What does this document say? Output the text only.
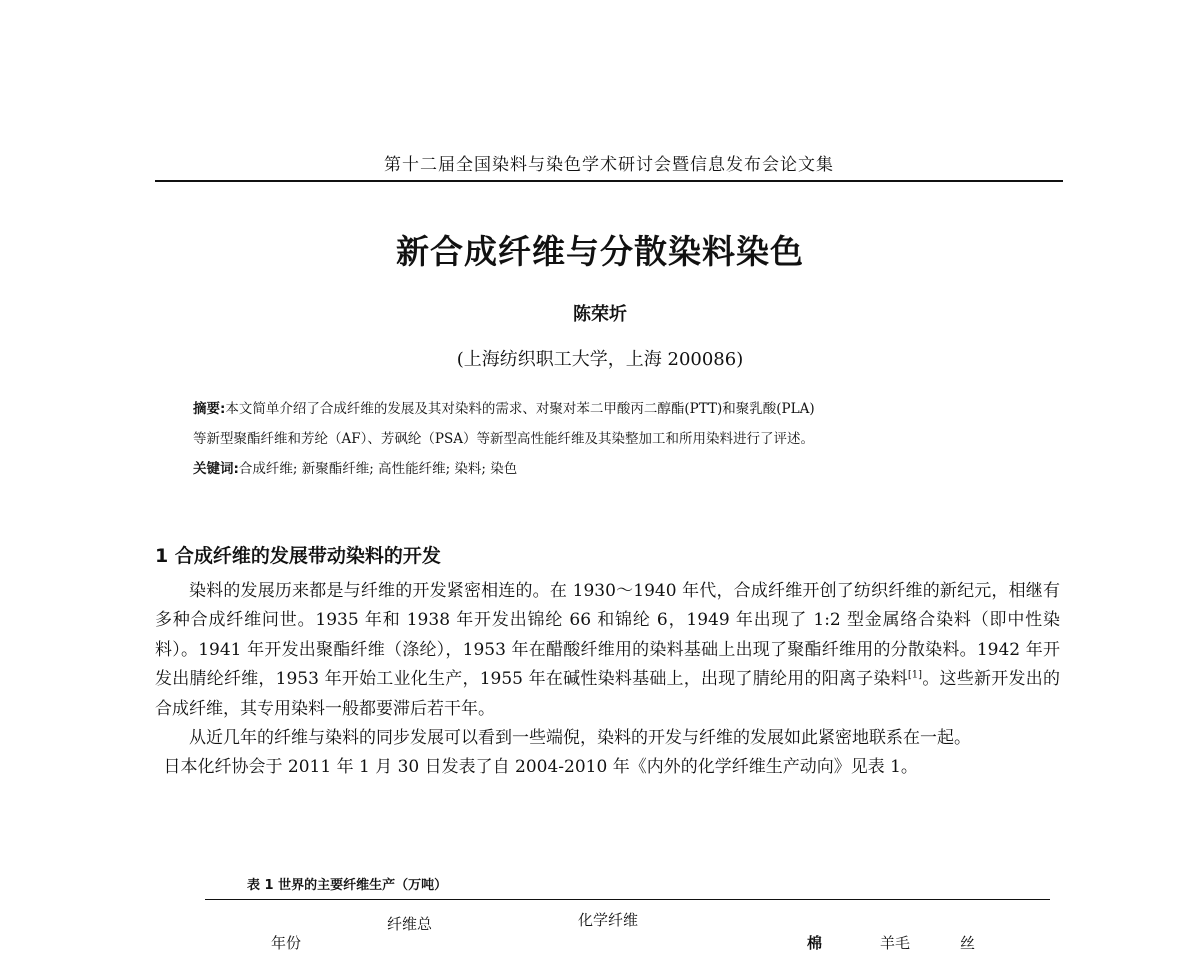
第十二届全国染料与染色学术研讨会暨信息发布会论文集
新合成纤维与分散染料染色
陈荣圻
(上海纺织职工大学，上海 200086)

摘要:本文简单介绍了合成纤维的发展及其对染料的需求、对聚对苯二甲酸丙二醇酯(PTT)和聚乳酸(PLA)

等新型聚酯纤维和芳纶（AF）、芳砜纶（PSA）等新型高性能纤维及其染整加工和所用染料进行了评述。

关键词:合成纤维; 新聚酯纤维; 高性能纤维; 染料; 染色

1 合成纤维的发展带动染料的开发

染料的发展历来都是与纤维的开发紧密相连的。在 1930～1940 年代，合成纤维开创了纺织纤维的新纪元，相继有多种合成纤维问世。1935 年和 1938 年开发出锦纶 66 和锦纶 6，1949 年出现了 1:2 型金属络合染料（即中性染料）。1941 年开发出聚酯纤维（涤纶），1953 年在醋酸纤维用的染料基础上出现了聚酯纤维用的分散染料。1942 年开发出腈纶纤维，1953 年开始工业化生产，1955 年在碱性染料基础上，出现了腈纶用的阳离子染料[1]。这些新开发出的合成纤维，其专用染料一般都要滞后若干年。

从近几年的纤维与染料的同步发展可以看到一些端倪，染料的开发与纤维的发展如此紧密地联系在一起。

日本化纤协会于 2011 年 1 月 30 日发表了自 2004-2010 年《内外的化学纤维生产动向》见表 1。

表 1 世界的主要纤维生产（万吨）
纤维总	化学纤维
年份	棉	羊毛	丝
